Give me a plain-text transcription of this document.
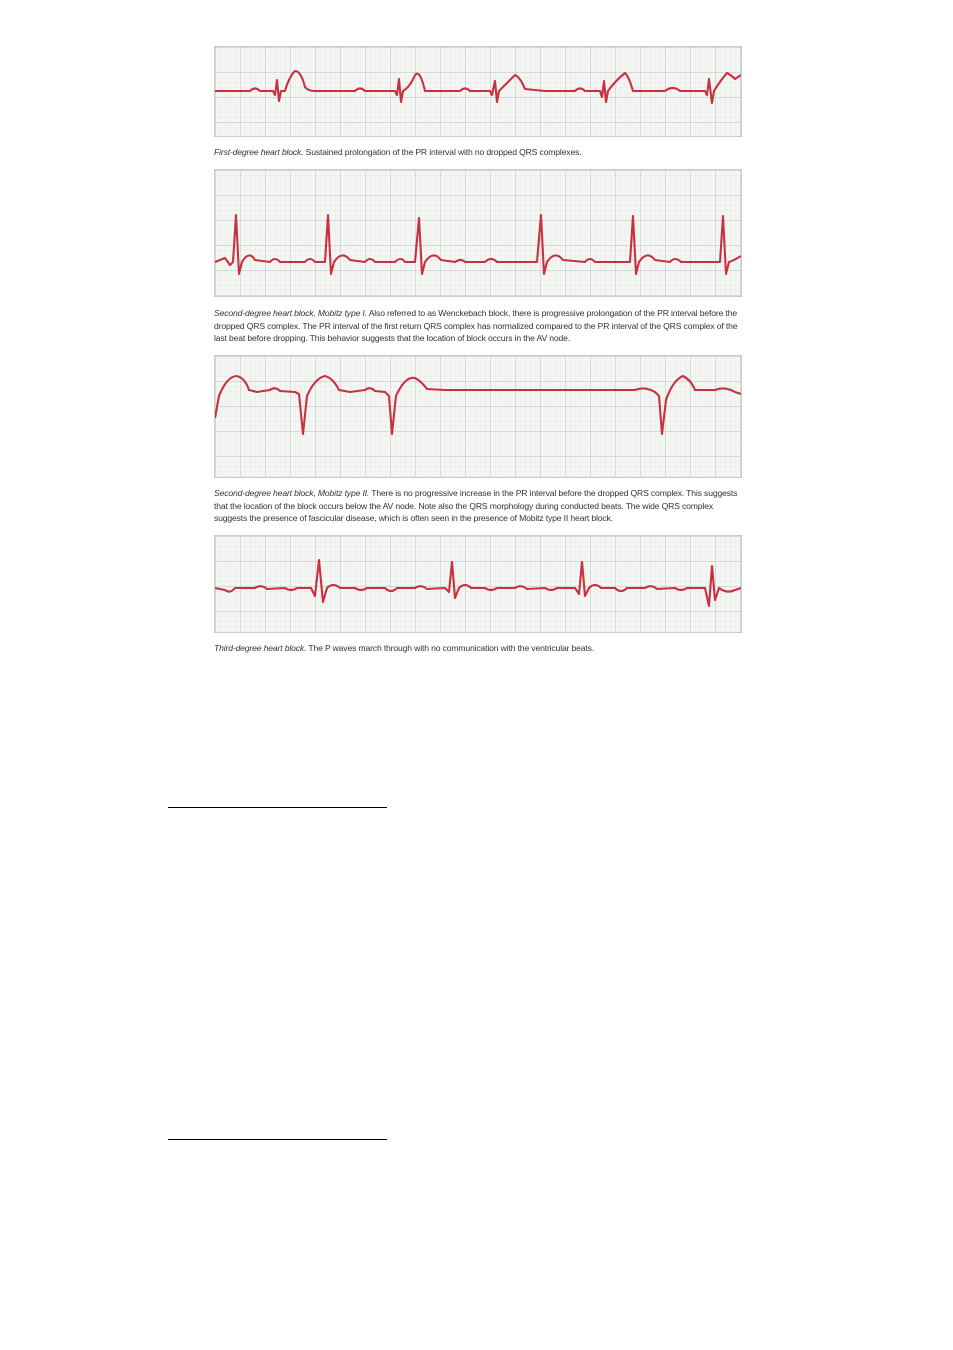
First-degree heart block. Sustained prolongation of the PR interval with no dropped QRS complexes.
Second-degree heart block, Mobitz type I. Also referred to as Wenckebach block, there is progressive prolongation of the PR interval before the dropped QRS complex. The PR interval of the first return QRS complex has normalized compared to the PR interval of the QRS complex of the last beat before dropping. This behavior suggests that the location of block occurs in the AV node.
Second-degree heart block, Mobitz type II. There is no progressive increase in the PR interval before the dropped QRS complex. This suggests that the location of the block occurs below the AV node. Note also the QRS morphology during conducted beats. The wide QRS complex suggests the presence of fascicular disease, which is often seen in the presence of Mobitz type II heart block.
Third-degree heart block. The P waves march through with no communication with the ventricular beats.
